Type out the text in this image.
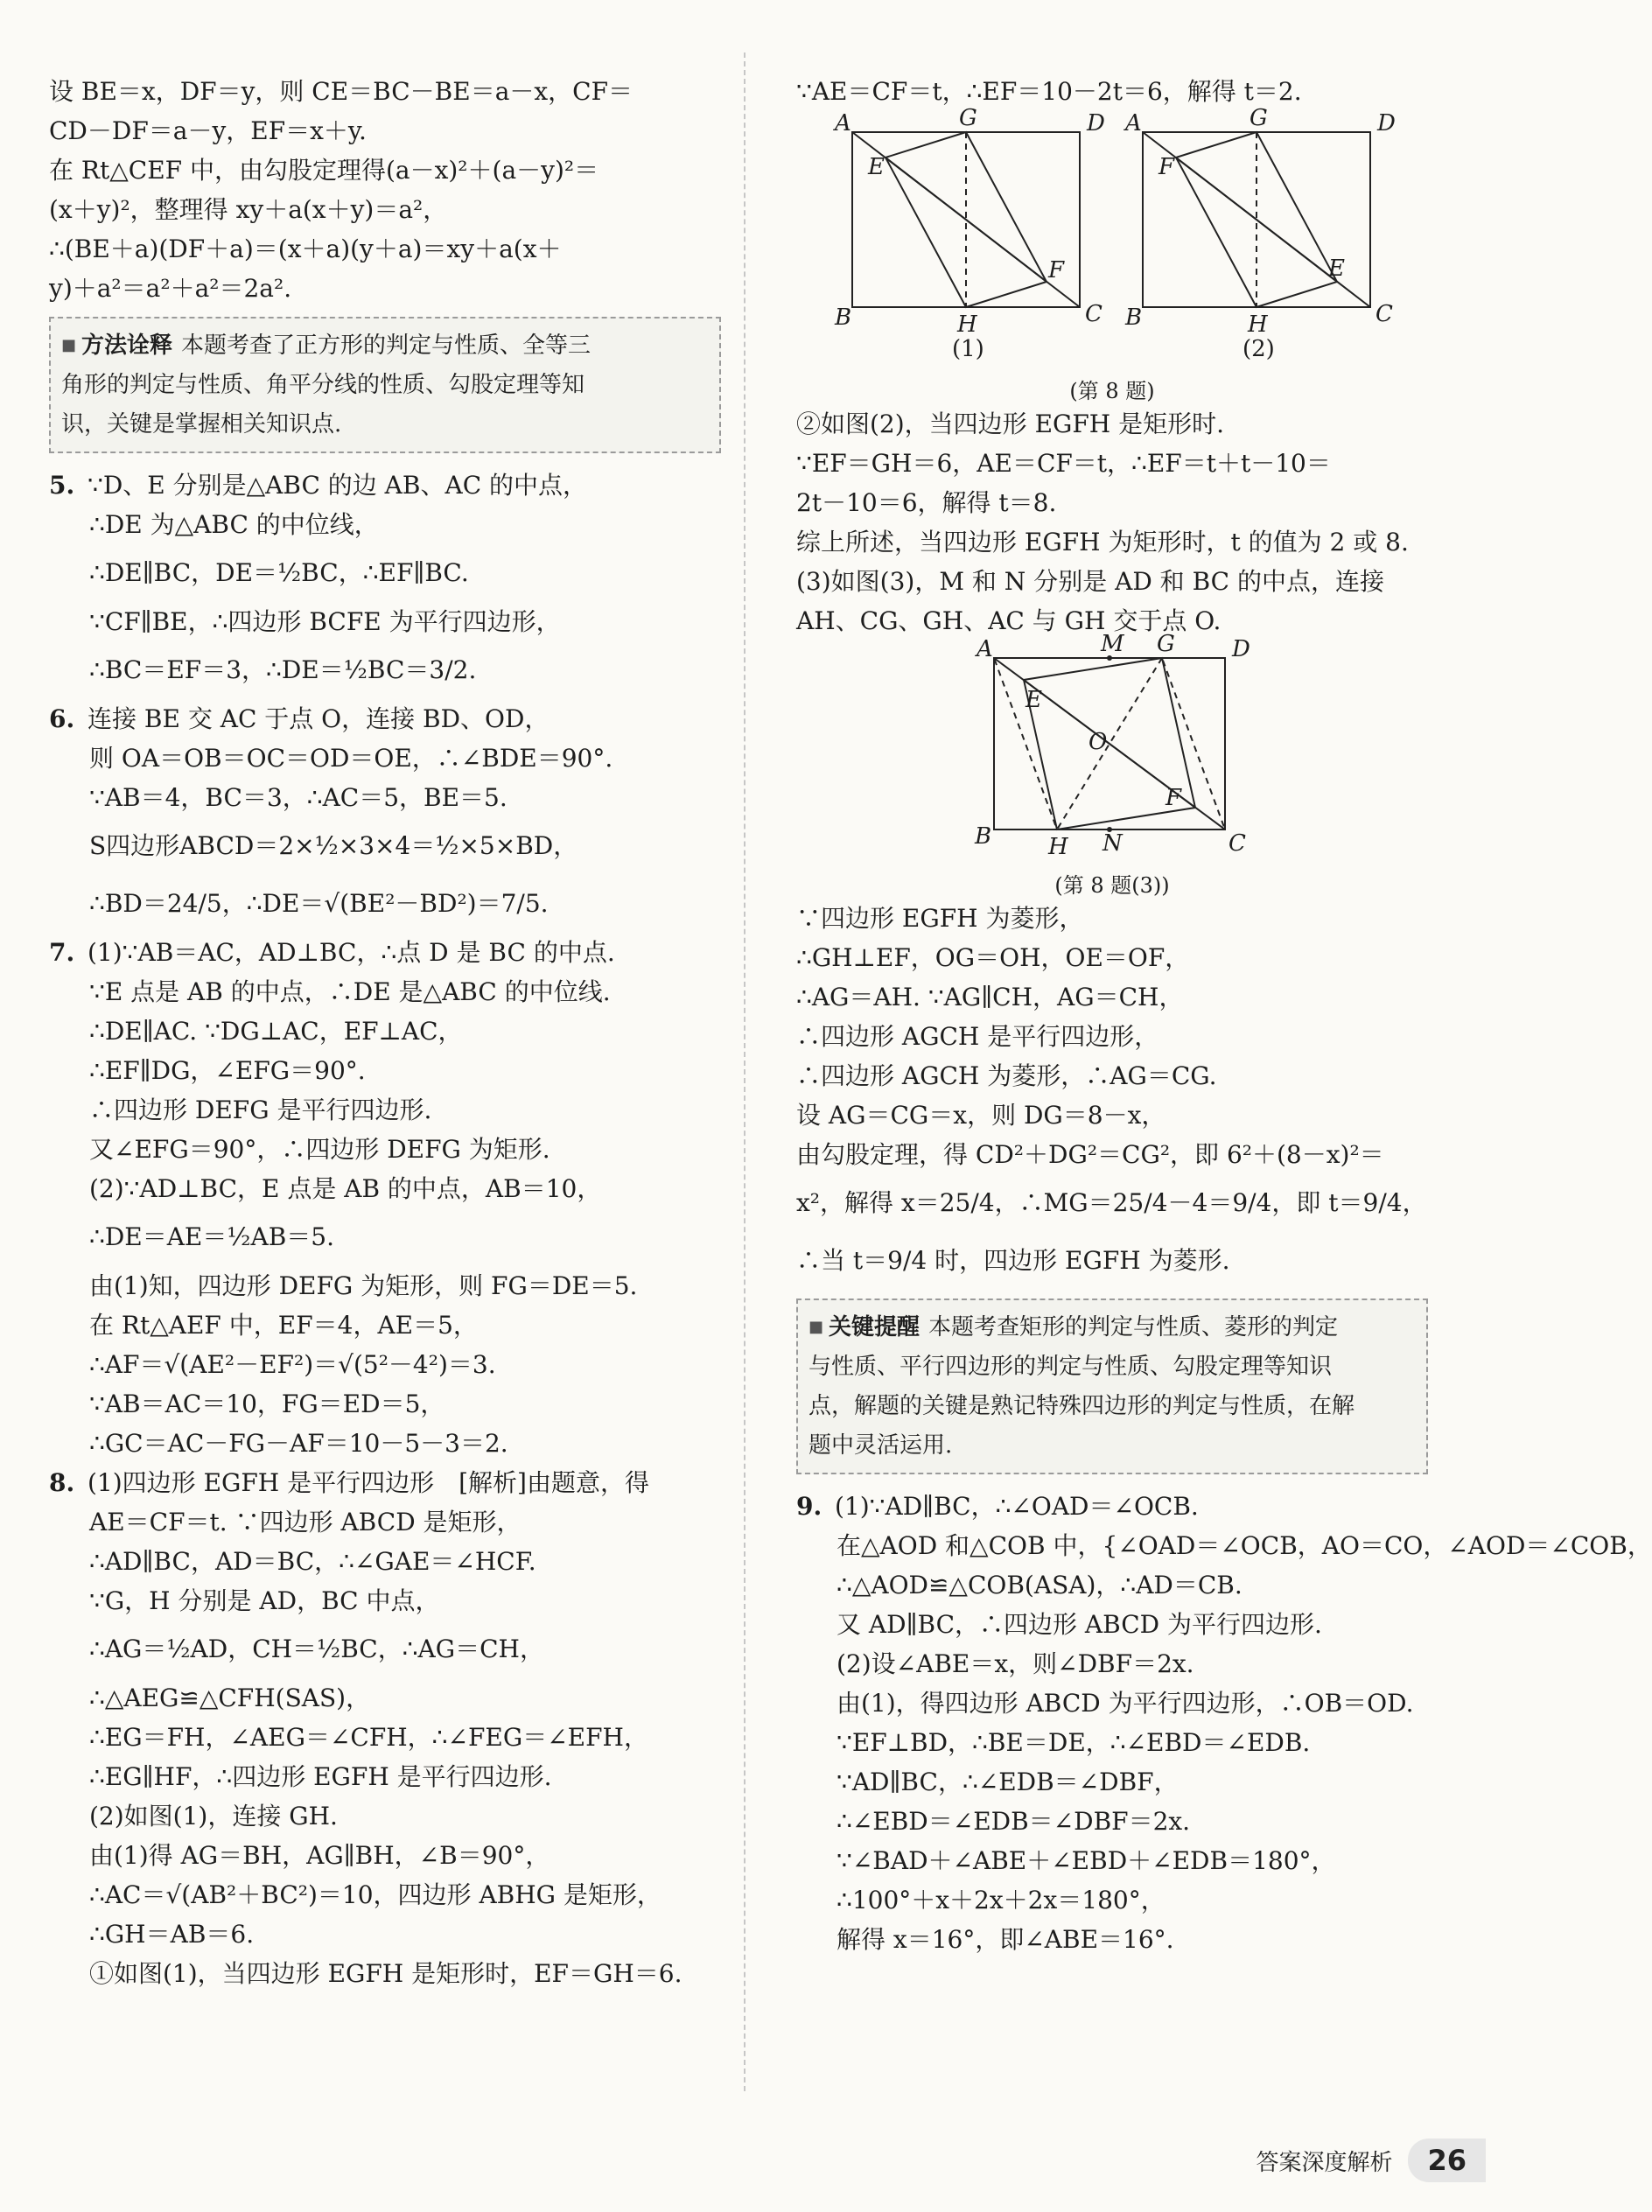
设 BE＝x，DF＝y，则 CE＝BC－BE＝a－x，CF＝
CD－DF＝a－y，EF＝x＋y.
在 Rt△CEF 中，由勾股定理得(a－x)²＋(a－y)²＝
(x＋y)²，整理得 xy＋a(x＋y)＝a²，
∴(BE＋a)(DF＋a)＝(x＋a)(y＋a)＝xy＋a(x＋
y)＋a²＝a²＋a²＝2a².
■ 方法诠释 本题考查了正方形的判定与性质、全等三
角形的判定与性质、角平分线的性质、勾股定理等知
识，关键是掌握相关知识点.
5. ∵D、E 分别是△ABC 的边 AB、AC 的中点，
∴DE 为△ABC 的中位线，
∴DE∥BC，DE＝½BC，∴EF∥BC.
∵CF∥BE，∴四边形 BCFE 为平行四边形，
∴BC＝EF＝3，∴DE＝½BC＝3/2.
6. 连接 BE 交 AC 于点 O，连接 BD、OD，
则 OA＝OB＝OC＝OD＝OE，∴∠BDE＝90°.
∵AB＝4，BC＝3，∴AC＝5，BE＝5.
S四边形ABCD＝2×½×3×4＝½×5×BD，
∴BD＝24/5，∴DE＝√(BE²－BD²)＝7/5.
7. (1)∵AB＝AC，AD⊥BC，∴点 D 是 BC 的中点.
∵E 点是 AB 的中点，∴DE 是△ABC 的中位线.
∴DE∥AC. ∵DG⊥AC，EF⊥AC，
∴EF∥DG，∠EFG＝90°.
∴四边形 DEFG 是平行四边形.
又∠EFG＝90°，∴四边形 DEFG 为矩形.
(2)∵AD⊥BC，E 点是 AB 的中点，AB＝10，
∴DE＝AE＝½AB＝5.
由(1)知，四边形 DEFG 为矩形，则 FG＝DE＝5.
在 Rt△AEF 中，EF＝4，AE＝5，
∴AF＝√(AE²－EF²)＝√(5²－4²)＝3.
∵AB＝AC＝10，FG＝ED＝5，
∴GC＝AC－FG－AF＝10－5－3＝2.
8. (1)四边形 EGFH 是平行四边形　[解析]由题意，得
AE＝CF＝t. ∵四边形 ABCD 是矩形，
∴AD∥BC，AD＝BC，∴∠GAE＝∠HCF.
∵G，H 分别是 AD，BC 中点，
∴AG＝½AD，CH＝½BC，∴AG＝CH，
∴△AEG≌△CFH(SAS)，
∴EG＝FH，∠AEG＝∠CFH，∴∠FEG＝∠EFH，
∴EG∥HF，∴四边形 EGFH 是平行四边形.
(2)如图(1)，连接 GH.
由(1)得 AG＝BH，AG∥BH，∠B＝90°，
∴AC＝√(AB²＋BC²)＝10，四边形 ABHG 是矩形，
∴GH＝AB＝6.
①如图(1)，当四边形 EGFH 是矩形时，EF＝GH＝6.
∵AE＝CF＝t，∴EF＝10－2t＝6，解得 t＝2.
A	G	D
E
F
B	H	C
(1)
A	G	D
F
E
B	H	C
(2)
(第 8 题)
②如图(2)，当四边形 EGFH 是矩形时.
∵EF＝GH＝6，AE＝CF＝t，∴EF＝t＋t－10＝
2t－10＝6，解得 t＝8.
综上所述，当四边形 EGFH 为矩形时，t 的值为 2 或 8.
(3)如图(3)，M 和 N 分别是 AD 和 BC 的中点，连接
AH、CG、GH、AC 与 GH 交于点 O.
A	M G	D
E
O
F
B H N	C
(第 8 题(3))
∵四边形 EGFH 为菱形，
∴GH⊥EF，OG＝OH，OE＝OF，
∴AG＝AH. ∵AG∥CH，AG＝CH，
∴四边形 AGCH 是平行四边形，
∴四边形 AGCH 为菱形，∴AG＝CG.
设 AG＝CG＝x，则 DG＝8－x，
由勾股定理，得 CD²＋DG²＝CG²，即 6²＋(8－x)²＝
x²，解得 x＝25/4，∴MG＝25/4－4＝9/4，即 t＝9/4，
∴当 t＝9/4 时，四边形 EGFH 为菱形.
■ 关键提醒 本题考查矩形的判定与性质、菱形的判定
与性质、平行四边形的判定与性质、勾股定理等知识
点，解题的关键是熟记特殊四边形的判定与性质，在解
题中灵活运用.
9. (1)∵AD∥BC，∴∠OAD＝∠OCB.
在△AOD 和△COB 中，{∠OAD＝∠OCB，AO＝CO，∠AOD＝∠COB，
∴△AOD≌△COB(ASA)，∴AD＝CB.
又 AD∥BC，∴四边形 ABCD 为平行四边形.
(2)设∠ABE＝x，则∠DBF＝2x.
由(1)，得四边形 ABCD 为平行四边形，∴OB＝OD.
∵EF⊥BD，∴BE＝DE，∴∠EBD＝∠EDB.
∵AD∥BC，∴∠EDB＝∠DBF，
∴∠EBD＝∠EDB＝∠DBF＝2x.
∵∠BAD＋∠ABE＋∠EBD＋∠EDB＝180°，
∴100°＋x＋2x＋2x＝180°，
解得 x＝16°，即∠ABE＝16°.
答案深度解析	26
